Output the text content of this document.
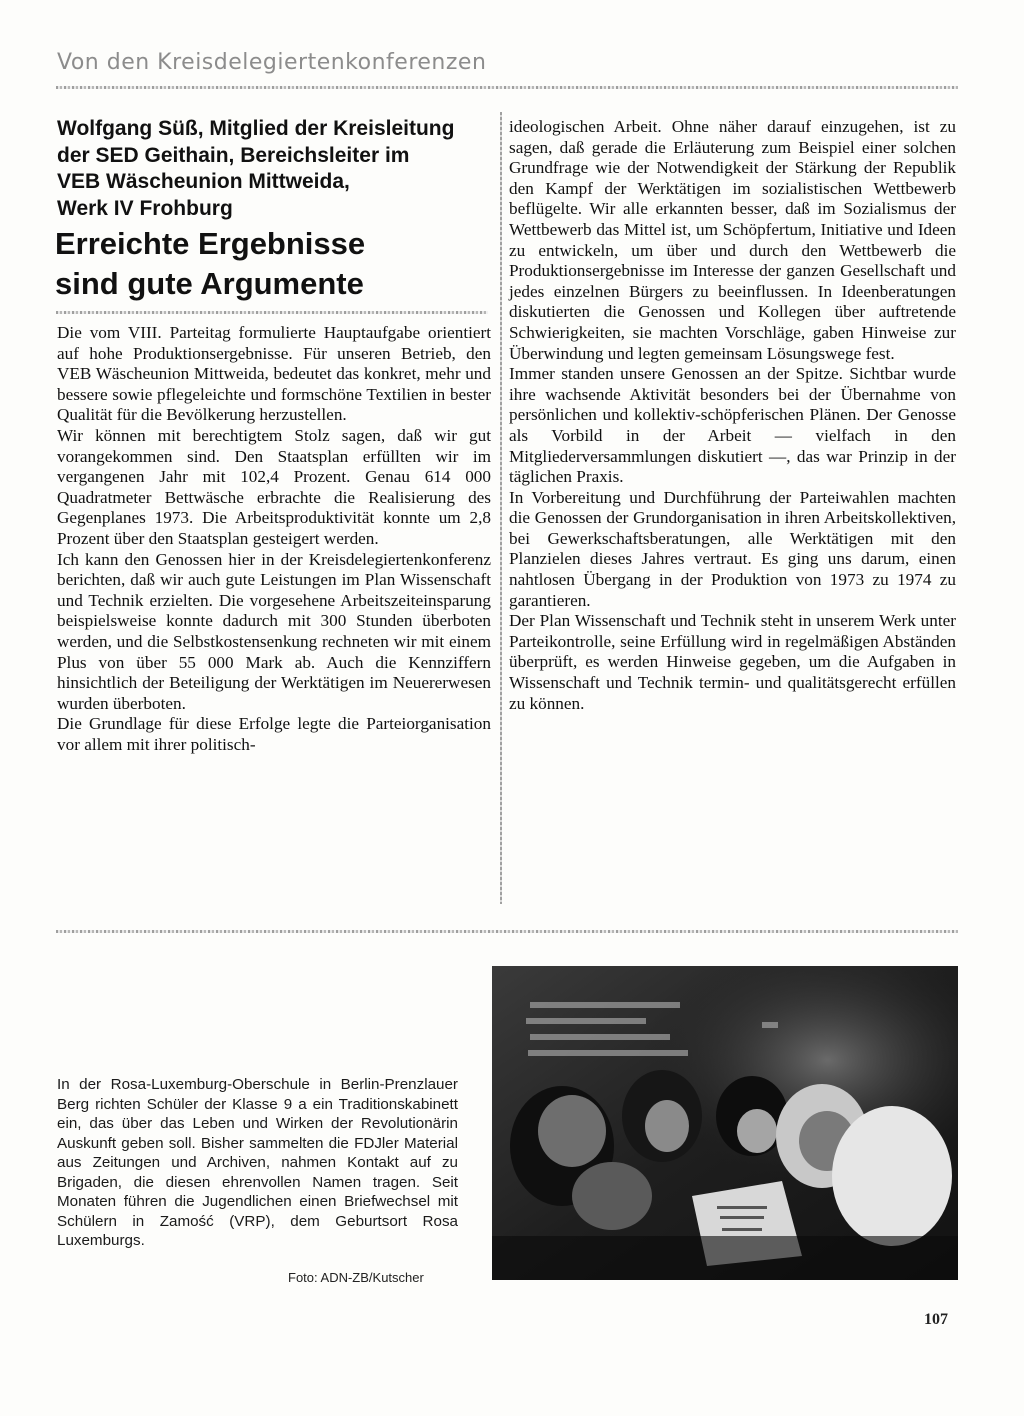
Von den Kreisdelegiertenkonferenzen
Wolfgang Süß, Mitglied der Kreisleitung
der SED Geithain, Bereichsleiter im
VEB Wäscheunion Mittweida,
Werk IV Frohburg
Erreichte Ergebnisse
sind gute Argumente

Die vom VIII. Parteitag formulierte Hauptaufgabe orientiert auf hohe Produktionsergebnisse. Für unseren Betrieb, den VEB Wäscheunion Mittweida, bedeutet das konkret, mehr und bessere sowie pflegeleichte und formschöne Textilien in bester Qualität für die Bevölkerung herzustellen.

Wir können mit berechtigtem Stolz sagen, daß wir gut vorangekommen sind. Den Staatsplan erfüllten wir im vergangenen Jahr mit 102,4 Prozent. Genau 614 000 Quadratmeter Bettwäsche erbrachte die Realisierung des Gegenplanes 1973. Die Arbeitsproduktivität konnte um 2,8 Prozent über den Staatsplan gesteigert werden.

Ich kann den Genossen hier in der Kreisdelegiertenkonferenz berichten, daß wir auch gute Leistungen im Plan Wissenschaft und Technik erzielten. Die vorgesehene Arbeitszeiteinsparung beispielsweise konnte dadurch mit 300 Stunden überboten werden, und die Selbstkostensenkung rechneten wir mit einem Plus von über 55 000 Mark ab. Auch die Kennziffern hinsichtlich der Beteiligung der Werktätigen im Neuererwesen wurden überboten.

Die Grundlage für diese Erfolge legte die Parteiorganisation vor allem mit ihrer politisch-

ideologischen Arbeit. Ohne näher darauf einzugehen, ist zu sagen, daß gerade die Erläuterung zum Beispiel einer solchen Grundfrage wie der Notwendigkeit der Stärkung der Republik den Kampf der Werktätigen im sozialistischen Wettbewerb beflügelte. Wir alle erkannten besser, daß im Sozialismus der Wettbewerb das Mittel ist, um Schöpfertum, Initiative und Ideen zu entwickeln, um über und durch den Wettbewerb die Produktionsergebnisse im Interesse der ganzen Gesellschaft und jedes einzelnen Bürgers zu beeinflussen. In Ideenberatungen diskutierten die Genossen und Kollegen über auftretende Schwierigkeiten, sie machten Vorschläge, gaben Hinweise zur Überwindung und legten gemeinsam Lösungswege fest.

Immer standen unsere Genossen an der Spitze. Sichtbar wurde ihre wachsende Aktivität besonders bei der Übernahme von persönlichen und kollektiv-schöpferischen Plänen. Der Genosse als Vorbild in der Arbeit — vielfach in den Mitgliederversammlungen diskutiert —, das war Prinzip in der täglichen Praxis.

In Vorbereitung und Durchführung der Parteiwahlen machten die Genossen der Grundorganisation in ihren Arbeitskollektiven, bei Gewerkschaftsberatungen, alle Werktätigen mit den Planzielen dieses Jahres vertraut. Es ging uns darum, einen nahtlosen Übergang in der Produktion von 1973 zu 1974 zu garantieren.

Der Plan Wissenschaft und Technik steht in unserem Werk unter Parteikontrolle, seine Erfüllung wird in regelmäßigen Abständen überprüft, es werden Hinweise gegeben, um die Aufgaben in Wissenschaft und Technik termin- und qualitätsgerecht erfüllen zu können.

In der Rosa-Luxemburg-Oberschule in Berlin-Prenzlauer Berg richten Schüler der Klasse 9 a ein Traditionskabinett ein, das über das Leben und Wirken der Revolutionärin Auskunft geben soll. Bisher sammelten die FDJler Material aus Zeitungen und Archiven, nahmen Kontakt auf zu Brigaden, die diesen ehrenvollen Namen tragen. Seit Monaten führen die Jugendlichen einen Briefwechsel mit Schülern in Zamość (VRP), dem Geburtsort Rosa Luxemburgs.
Foto: ADN-ZB/Kutscher
107
